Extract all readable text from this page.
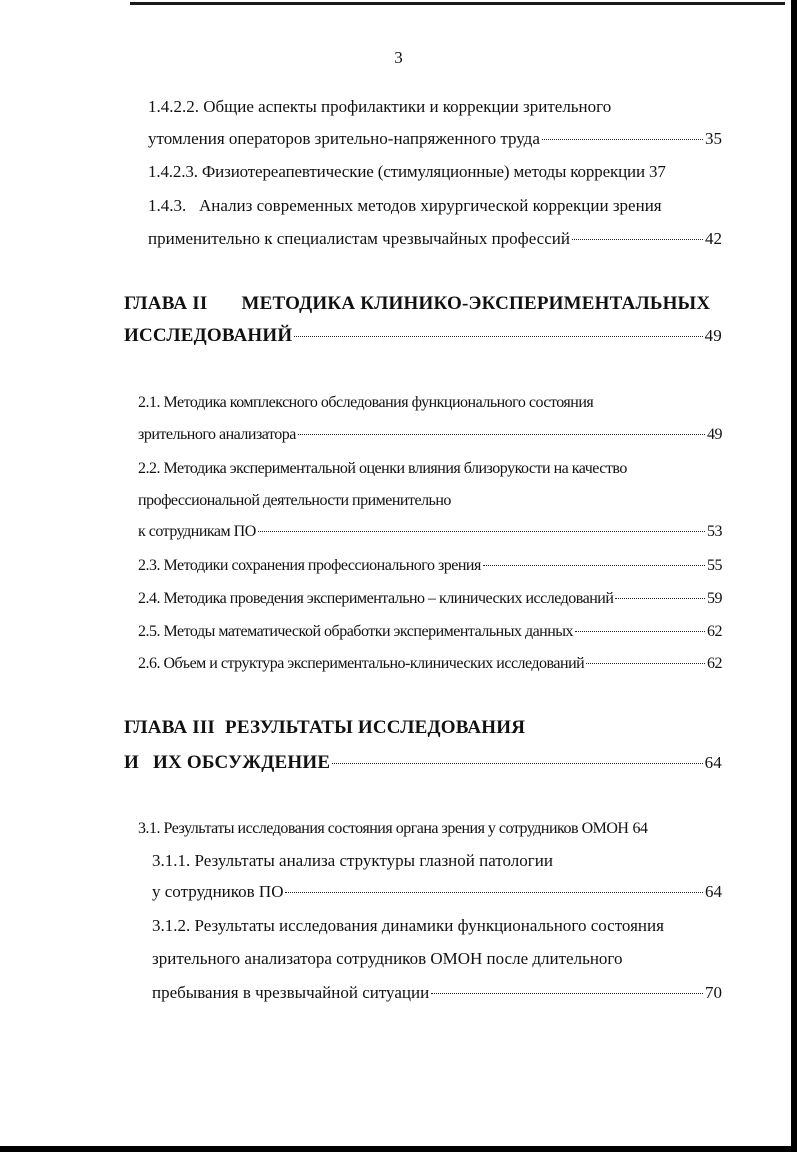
3
1.4.2.2. Общие аспекты профилактики и коррекции зрительного
утомления операторов зрительно-напряженного труда	35
1.4.2.3. Физиотереапевтические (стимуляционные) методы коррекции 37
1.4.3.   Анализ современных методов хирургической коррекции зрения
применительно к специалистам чрезвычайных профессий	42
ГЛАВА II МЕТОДИКА КЛИНИКО-ЭКСПЕРИМЕНТАЛЬНЫХ
ИССЛЕДОВАНИЙ	49
2.1. Методика комплексного обследования функционального состояния
зрительного анализатора	49
2.2. Методика экспериментальной оценки влияния близорукости на качество
профессиональной деятельности применительно
к сотрудникам ПО	53
2.3. Методики сохранения профессионального зрения	55
2.4. Методика проведения экспериментально – клинических исследований	59
2.5. Методы математической обработки экспериментальных данных	62
2.6. Объем и структура экспериментально-клинических исследований	62
ГЛАВА III РЕЗУЛЬТАТЫ ИССЛЕДОВАНИЯ
И ИХ ОБСУЖДЕНИЕ	64
3.1. Результаты исследования состояния органа зрения у сотрудников ОМОН 64
3.1.1. Результаты анализа структуры глазной патологии
у сотрудников ПО	64
3.1.2. Результаты исследования динамики функционального состояния
зрительного анализатора сотрудников ОМОН после длительного
пребывания в чрезвычайной ситуации	70
